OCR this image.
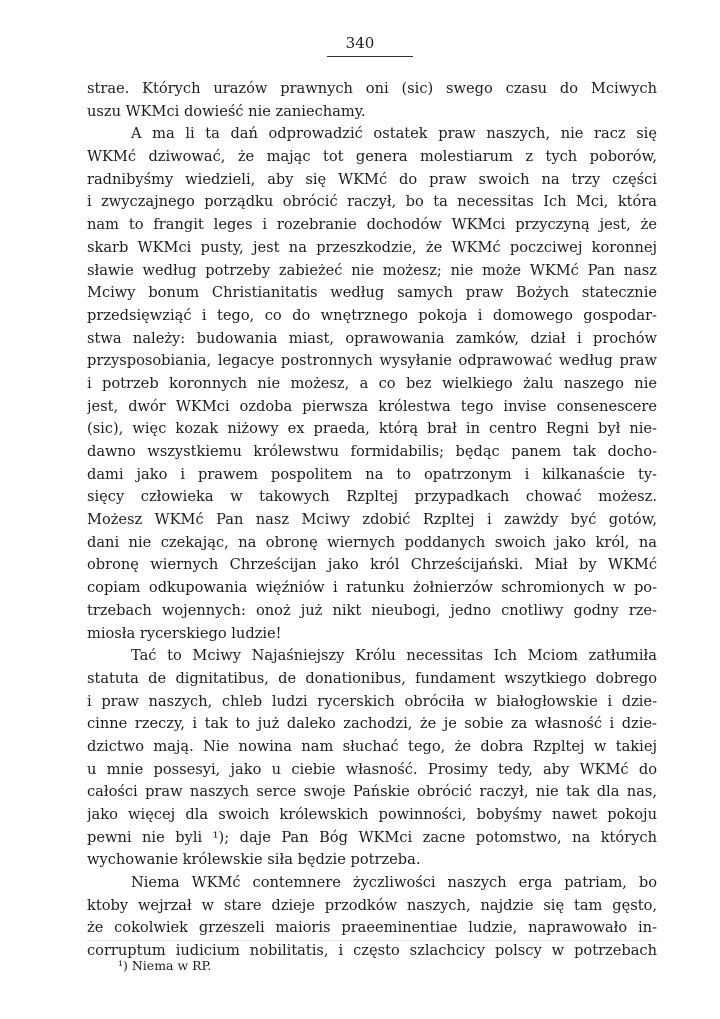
340
strae. Których urazów prawnych oni (sic) swego czasu do Mciwych
uszu WKMci dowieść nie zaniechamy.
A ma li ta dań odprowadzić ostatek praw naszych, nie racz się
WKMć dziwować, że mając tot genera molestiarum z tych poborów,
radnibyśmy wiedzieli, aby się WKMć do praw swoich na trzy części
i zwyczajnego porządku obrócić raczył, bo ta necessitas Ich Mci, która
nam to frangit leges i rozebranie dochodów WKMci przyczyną jest, że
skarb WKMci pusty, jest na przeszkodzie, że WKMć poczciwej koronnej
sławie według potrzeby zabieżeć nie możesz; nie może WKMć Pan nasz
Mciwy bonum Christianitatis według samych praw Bożych statecznie
przedsięwziąć i tego, co do wnętrznego pokoja i domowego gospodar-
stwa należy: budowania miast, oprawowania zamków, dział i prochów
przysposobiania, legacye postronnych wysyłanie odprawować według praw
i potrzeb koronnych nie możesz, a co bez wielkiego żalu naszego nie
jest, dwór WKMci ozdoba pierwsza królestwa tego invise consenescere
(sic), więc kozak niżowy ex praeda, którą brał in centro Regni był nie-
dawno wszystkiemu królewstwu formidabilis; będąc panem tak docho-
dami jako i prawem pospolitem na to opatrzonym i kilkanaście ty-
sięcy człowieka w takowych Rzpltej przypadkach chować możesz.
Możesz WKMć Pan nasz Mciwy zdobić Rzpltej i zawżdy być gotów,
dani nie czekając, na obronę wiernych poddanych swoich jako król, na
obronę wiernych Chrześcijan jako król Chrześcijański. Miał by WKMć
copiam odkupowania więźniów i ratunku żołnierzów schromionych w po-
trzebach wojennych: onoż już nikt nieubogi, jedno cnotliwy godny rze-
miosła rycerskiego ludzie!
Tać to Mciwy Najaśniejszy Królu necessitas Ich Mciom zatłumiła
statuta de dignitatibus, de donationibus, fundament wszytkiego dobrego
i praw naszych, chleb ludzi rycerskich obróciła w białogłowskie i dzie-
cinne rzeczy, i tak to już daleko zachodzi, że je sobie za własność i dzie-
dzictwo mają. Nie nowina nam słuchać tego, że dobra Rzpltej w takiej
u mnie possesyi, jako u ciebie własność. Prosimy tedy, aby WKMć do
całości praw naszych serce swoje Pańskie obrócić raczył, nie tak dla nas,
jako więcej dla swoich królewskich powinności, bobyśmy nawet pokoju
pewni nie byli ¹); daje Pan Bóg WKMci zacne potomstwo, na których
wychowanie królewskie siła będzie potrzeba.
Niema WKMć contemnere życzliwości naszych erga patriam, bo
ktoby wejrzał w stare dzieje przodków naszych, najdzie się tam gęsto,
że cokolwiek grzeszeli maioris praeeminentiae ludzie, naprawowało in-
corruptum iudicium nobilitatis, i często szlachcicy polscy w potrzebach
¹) Niema w RP.
